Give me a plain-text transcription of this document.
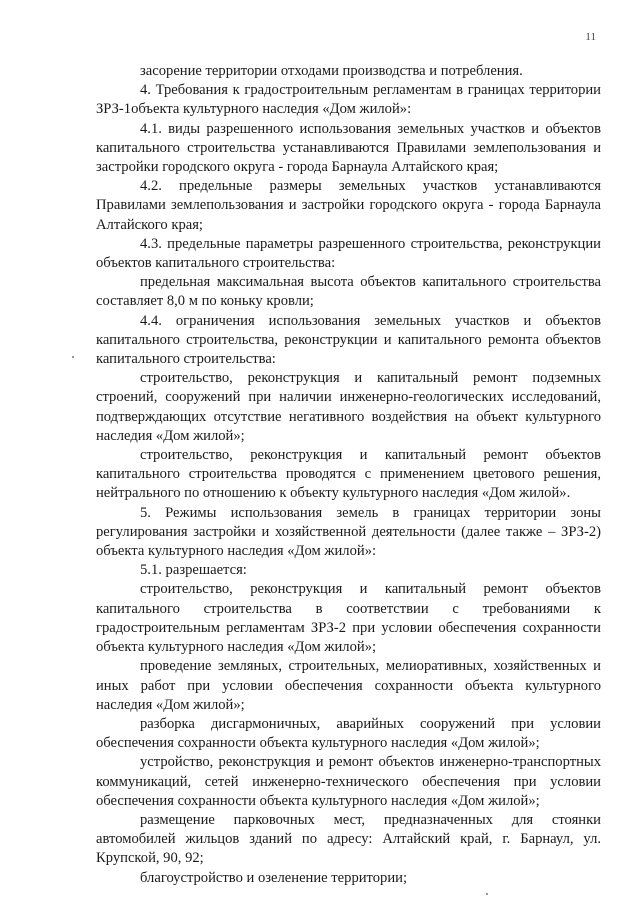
11

засорение территории отходами производства и потребления.

4. Требования к градостроительным регламентам в границах территории ЗРЗ-1объекта культурного наследия «Дом жилой»:

4.1. виды разрешенного использования земельных участков и объектов капитального строительства устанавливаются Правилами землепользования и застройки городского округа - города Барнаула Алтайского края;

4.2. предельные размеры земельных участков устанавливаются Правилами землепользования и застройки городского округа - города Барнаула Алтайского края;

4.3. предельные параметры разрешенного строительства, реконструкции объектов капитального строительства:

предельная максимальная высота объектов капитального строительства составляет 8,0 м по коньку кровли;

4.4. ограничения использования земельных участков и объектов капитального строительства, реконструкции и капитального ремонта объектов капитального строительства:

строительство, реконструкция и капитальный ремонт подземных строений, сооружений при наличии инженерно-геологических исследований, подтверждающих отсутствие негативного воздействия на объект культурного наследия «Дом жилой»;

строительство, реконструкция и капитальный ремонт объектов капитального строительства проводятся с применением цветового решения, нейтрального по отношению к объекту культурного наследия «Дом жилой».

5. Режимы использования земель в границах территории зоны регулирования застройки и хозяйственной деятельности (далее также – ЗРЗ-2) объекта культурного наследия «Дом жилой»:

5.1. разрешается:

строительство, реконструкция и капитальный ремонт объектов капитального строительства в соответствии с требованиями к градостроительным регламентам ЗРЗ-2 при условии обеспечения сохранности объекта культурного наследия «Дом жилой»;

проведение земляных, строительных, мелиоративных, хозяйственных и иных работ при условии обеспечения сохранности объекта культурного наследия «Дом жилой»;

разборка дисгармоничных, аварийных сооружений при условии обеспечения сохранности объекта культурного наследия «Дом жилой»;

устройство, реконструкция и ремонт объектов инженерно-транспортных коммуникаций, сетей инженерно-технического обеспечения при условии обеспечения сохранности объекта культурного наследия «Дом жилой»;

размещение парковочных мест, предназначенных для стоянки автомобилей жильцов зданий по адресу: Алтайский край, г. Барнаул, ул. Крупской, 90, 92;

благоустройство и озеленение территории;
